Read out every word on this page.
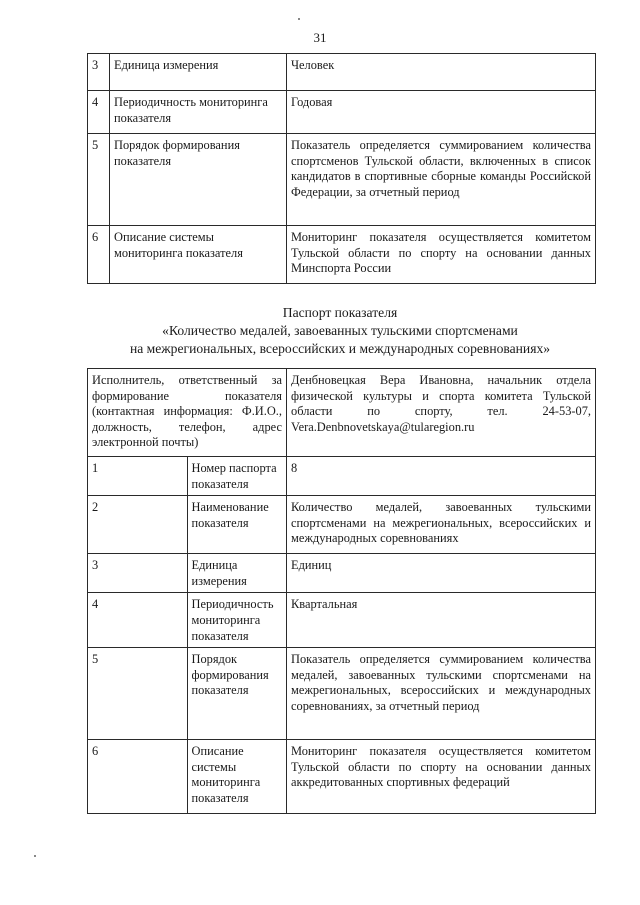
31
3	Единица измерения	Человек
4	Периодичность мониторинга показателя	Годовая
5	Порядок формирования показателя	Показатель определяется суммированием количества спортсменов Тульской области, включенных в список кандидатов в спортивные сборные команды Российской Федерации, за отчетный период
6	Описание системы мониторинга показателя	Мониторинг показателя осуществляется комитетом Тульской области по спорту на основании данных Минспорта России
Паспорт показателя
«Количество медалей, завоеванных тульскими спортсменами
на межрегиональных, всероссийских и международных соревнованиях»
Исполнитель, ответственный за формирование показателя (контактная информация: Ф.И.О., должность, телефон, адрес электронной почты)		Денбновецкая Вера Ивановна, начальник отдела физической культуры и спорта комитета Тульской области по спорту, тел. 24-53-07, Vera.Denbnovetskaya@tularegion.ru
1	Номер паспорта показателя	8
2	Наименование показателя	Количество медалей, завоеванных тульскими спортсменами на межрегиональных, всероссийских и международных соревнованиях
3	Единица измерения	Единиц
4	Периодичность мониторинга показателя	Квартальная
5	Порядок формирования показателя	Показатель определяется суммированием количества медалей, завоеванных тульскими спортсменами на межрегиональных, всероссийских и международных соревнованиях, за отчетный период
6	Описание системы мониторинга показателя	Мониторинг показателя осуществляется комитетом Тульской области по спорту на основании данных аккредитованных спортивных федераций
